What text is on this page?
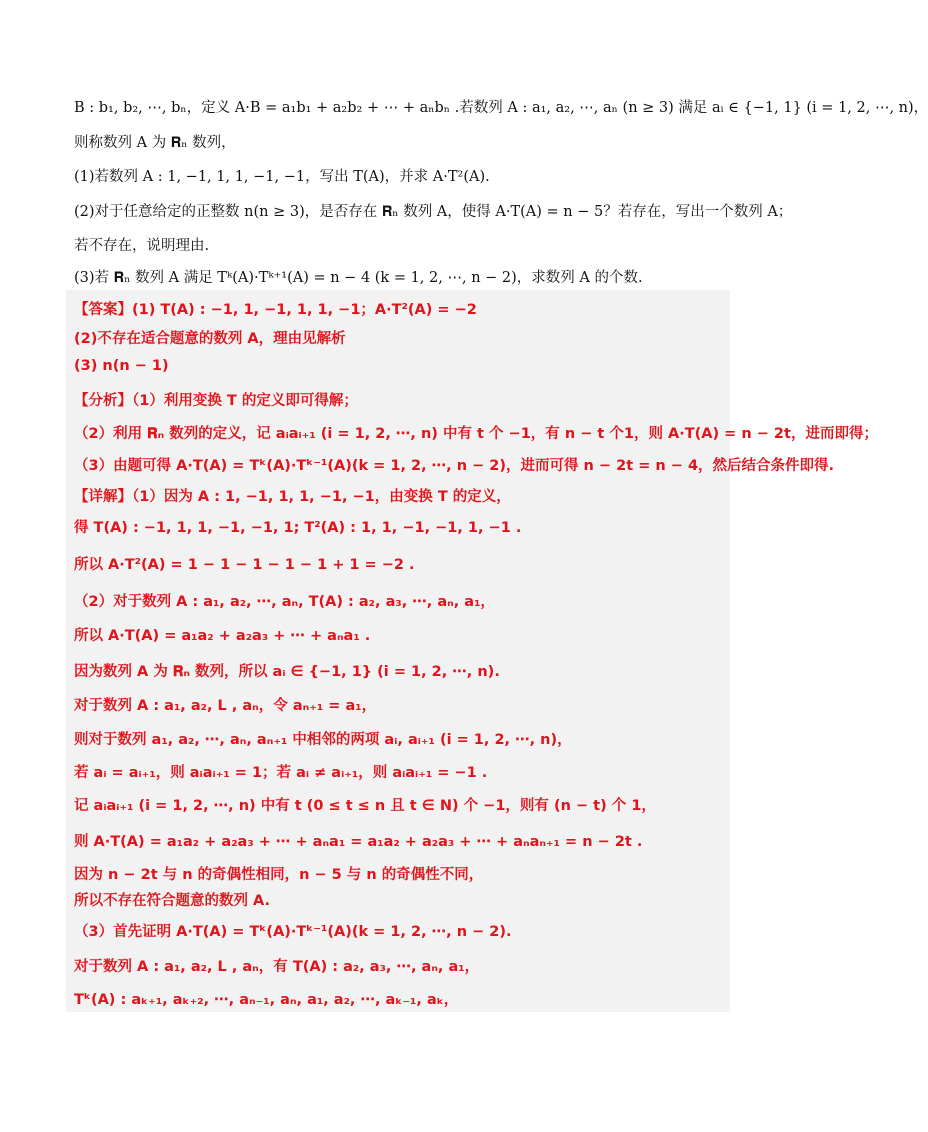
B : b₁, b₂, ⋯, bₙ，定义 A·B = a₁b₁ + a₂b₂ + ⋯ + aₙbₙ .若数列 A : a₁, a₂, ⋯, aₙ (n ≥ 3) 满足 aᵢ ∈ {−1, 1} (i = 1, 2, ⋯, n)，
则称数列 A 为 𝐑ₙ 数列，
(1)若数列 A : 1, −1, 1, 1, −1, −1，写出 T(A)，并求 A·T²(A).
(2)对于任意给定的正整数 n(n ≥ 3)，是否存在 𝐑ₙ 数列 A，使得 A·T(A) = n − 5？若存在，写出一个数列 A；
若不存在，说明理由.
(3)若 𝐑ₙ 数列 A 满足 Tᵏ(A)·Tᵏ⁺¹(A) = n − 4 (k = 1, 2, ⋯, n − 2)，求数列 A 的个数.
【答案】(1) T(A) : −1, 1, −1, 1, 1, −1；A·T²(A) = −2
(2)不存在适合题意的数列 A，理由见解析
(3) n(n − 1)
【分析】（1）利用变换 T 的定义即可得解；
（2）利用 𝐑ₙ 数列的定义，记 aᵢaᵢ₊₁ (i = 1, 2, ⋯, n) 中有 t 个 −1，有 n − t 个1，则 A·T(A) = n − 2t，进而即得；
（3）由题可得 A·T(A) = Tᵏ(A)·Tᵏ⁻¹(A)(k = 1, 2, ⋯, n − 2)，进而可得 n − 2t = n − 4，然后结合条件即得.
【详解】（1）因为 A : 1, −1, 1, 1, −1, −1，由变换 T 的定义，
得 T(A) : −1, 1, 1, −1, −1, 1; T²(A) : 1, 1, −1, −1, 1, −1 .
所以 A·T²(A) = 1 − 1 − 1 − 1 − 1 + 1 = −2 .
（2）对于数列 A : a₁, a₂, ⋯, aₙ, T(A) : a₂, a₃, ⋯, aₙ, a₁，
所以 A·T(A) = a₁a₂ + a₂a₃ + ⋯ + aₙa₁ .
因为数列 A 为 𝐑ₙ 数列，所以 aᵢ ∈ {−1, 1} (i = 1, 2, ⋯, n).
对于数列 A : a₁, a₂, L , aₙ，令 aₙ₊₁ = a₁，
则对于数列 a₁, a₂, ⋯, aₙ, aₙ₊₁ 中相邻的两项 aᵢ, aᵢ₊₁ (i = 1, 2, ⋯, n)，
若 aᵢ = aᵢ₊₁，则 aᵢaᵢ₊₁ = 1；若 aᵢ ≠ aᵢ₊₁，则 aᵢaᵢ₊₁ = −1 .
记 aᵢaᵢ₊₁ (i = 1, 2, ⋯, n) 中有 t (0 ≤ t ≤ n 且 t ∈ N) 个 −1，则有 (n − t) 个 1，
则 A·T(A) = a₁a₂ + a₂a₃ + ⋯ + aₙa₁ = a₁a₂ + a₂a₃ + ⋯ + aₙaₙ₊₁ = n − 2t .
因为 n − 2t 与 n 的奇偶性相同，n − 5 与 n 的奇偶性不同，
所以不存在符合题意的数列 A.
（3）首先证明 A·T(A) = Tᵏ(A)·Tᵏ⁻¹(A)(k = 1, 2, ⋯, n − 2).
对于数列 A : a₁, a₂, L , aₙ，有 T(A) : a₂, a₃, ⋯, aₙ, a₁，
Tᵏ(A) : aₖ₊₁, aₖ₊₂, ⋯, aₙ₋₁, aₙ, a₁, a₂, ⋯, aₖ₋₁, aₖ，
